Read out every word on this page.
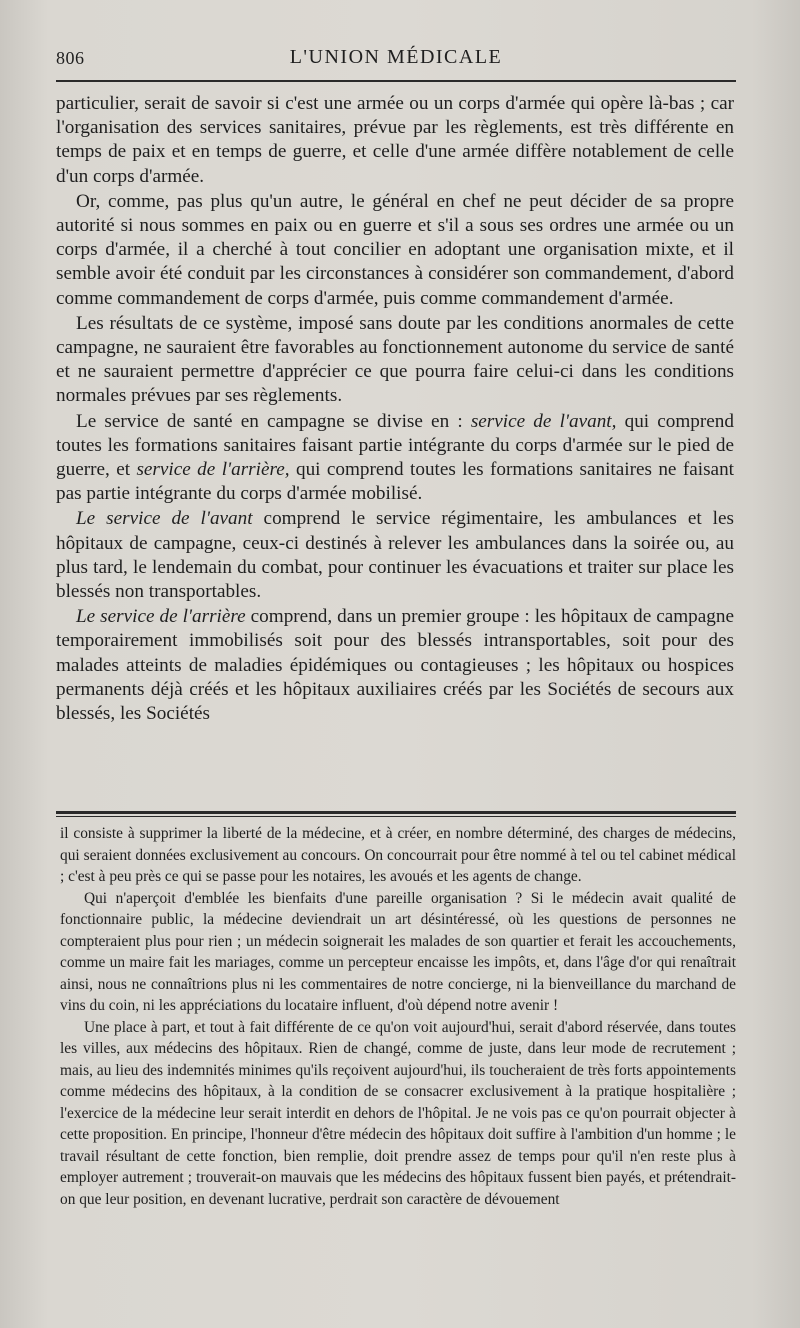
806	L'UNION MÉDICALE

particulier, serait de savoir si c'est une armée ou un corps d'armée qui opère là-bas ; car l'organisation des services sanitaires, prévue par les règlements, est très différente en temps de paix et en temps de guerre, et celle d'une armée diffère notablement de celle d'un corps d'armée.

Or, comme, pas plus qu'un autre, le général en chef ne peut décider de sa propre autorité si nous sommes en paix ou en guerre et s'il a sous ses ordres une armée ou un corps d'armée, il a cherché à tout concilier en adoptant une organisation mixte, et il semble avoir été conduit par les circonstances à considérer son commandement, d'abord comme commandement de corps d'armée, puis comme commandement d'armée.

Les résultats de ce système, imposé sans doute par les conditions anormales de cette campagne, ne sauraient être favorables au fonctionnement autonome du service de santé et ne sauraient permettre d'apprécier ce que pourra faire celui-ci dans les conditions normales prévues par ses règlements.

Le service de santé en campagne se divise en : service de l'avant, qui comprend toutes les formations sanitaires faisant partie intégrante du corps d'armée sur le pied de guerre, et service de l'arrière, qui comprend toutes les formations sanitaires ne faisant pas partie intégrante du corps d'armée mobilisé.

Le service de l'avant comprend le service régimentaire, les ambulances et les hôpitaux de campagne, ceux-ci destinés à relever les ambulances dans la soirée ou, au plus tard, le lendemain du combat, pour continuer les évacuations et traiter sur place les blessés non transportables.

Le service de l'arrière comprend, dans un premier groupe : les hôpitaux de campagne temporairement immobilisés soit pour des blessés intransportables, soit pour des malades atteints de maladies épidémiques ou contagieuses ; les hôpitaux ou hospices permanents déjà créés et les hôpitaux auxiliaires créés par les Sociétés de secours aux blessés, les Sociétés

il consiste à supprimer la liberté de la médecine, et à créer, en nombre déterminé, des charges de médecins, qui seraient données exclusivement au concours. On concourrait pour être nommé à tel ou tel cabinet médical ; c'est à peu près ce qui se passe pour les notaires, les avoués et les agents de change.

Qui n'aperçoit d'emblée les bienfaits d'une pareille organisation ? Si le médecin avait qualité de fonctionnaire public, la médecine deviendrait un art désintéressé, où les questions de personnes ne compteraient plus pour rien ; un médecin soignerait les malades de son quartier et ferait les accouchements, comme un maire fait les mariages, comme un percepteur encaisse les impôts, et, dans l'âge d'or qui renaîtrait ainsi, nous ne connaîtrions plus ni les commentaires de notre concierge, ni la bienveillance du marchand de vins du coin, ni les appréciations du locataire influent, d'où dépend notre avenir !

Une place à part, et tout à fait différente de ce qu'on voit aujourd'hui, serait d'abord réservée, dans toutes les villes, aux médecins des hôpitaux. Rien de changé, comme de juste, dans leur mode de recrutement ; mais, au lieu des indemnités minimes qu'ils reçoivent aujourd'hui, ils toucheraient de très forts appointements comme médecins des hôpitaux, à la condition de se consacrer exclusivement à la pratique hospitalière ; l'exercice de la médecine leur serait interdit en dehors de l'hôpital. Je ne vois pas ce qu'on pourrait objecter à cette proposition. En principe, l'honneur d'être médecin des hôpitaux doit suffire à l'ambition d'un homme ; le travail résultant de cette fonction, bien remplie, doit prendre assez de temps pour qu'il n'en reste plus à employer autrement ; trouverait-on mauvais que les médecins des hôpitaux fussent bien payés, et prétendrait-on que leur position, en devenant lucrative, perdrait son caractère de dévouement
